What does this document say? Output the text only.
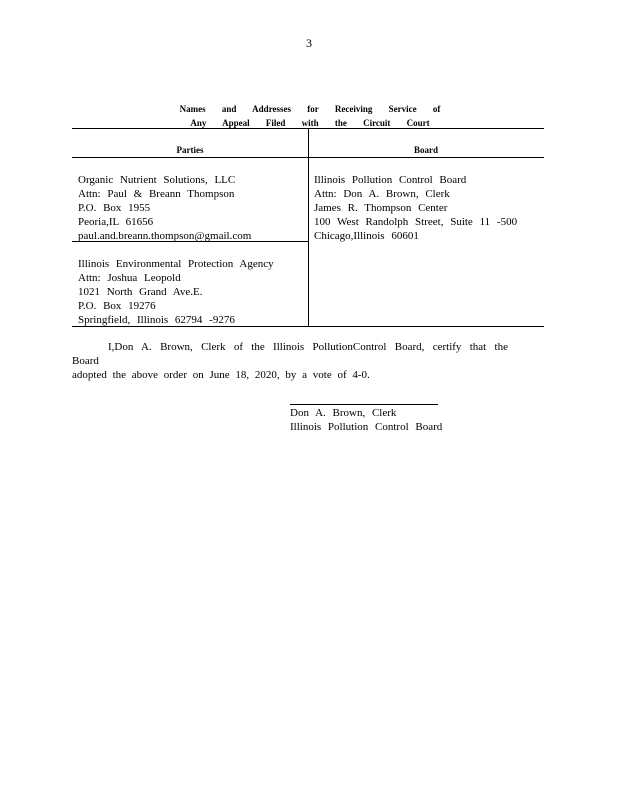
3
Names and Addresses for Receiving Service of
Any Appeal Filed with the Circuit Court
Parties	Board
Organic Nutrient Solutions, LLC
Attn: Paul & Breann Thompson
P.O. Box 1955
Peoria,IL 61656
paul.and.breann.thompson@gmail.com
Illinois Environmental Protection Agency
Attn: Joshua Leopold
1021 North Grand Ave.E.
P.O. Box 19276
Springfield, Illinois 62794 -9276
Illinois Pollution Control Board
Attn: Don A. Brown, Clerk
James R. Thompson Center
100 West Randolph Street, Suite 11 -500
Chicago,Illinois 60601
I,Don A. Brown, Clerk of the Illinois PollutionControl Board, certify that the Board
adopted the above order on June 18, 2020, by a vote of 4-0.
Don A. Brown, Clerk
Illinois Pollution Control Board
